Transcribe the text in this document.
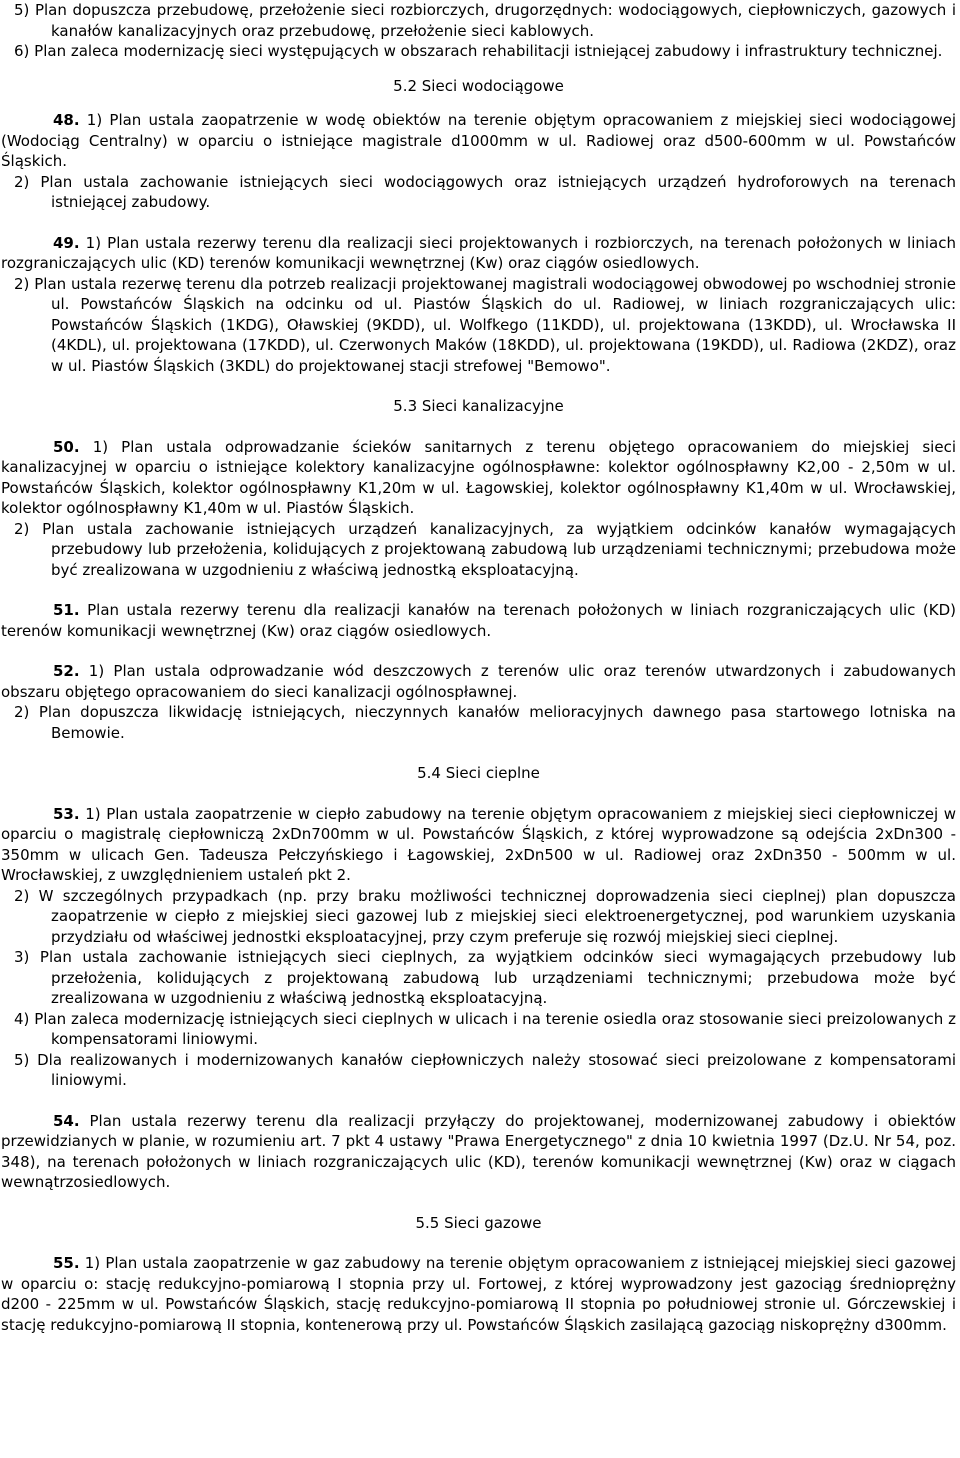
5) Plan dopuszcza przebudowę, przełożenie sieci rozbiorczych, drugorzędnych: wodociągowych, ciepłowniczych, gazowych i kanałów kanalizacyjnych oraz przebudowę, przełożenie sieci kablowych.

6) Plan zaleca modernizację sieci występujących w obszarach rehabilitacji istniejącej zabudowy i infrastruktury technicznej.

5.2 Sieci wodociągowe

48. 1) Plan ustala zaopatrzenie w wodę obiektów na terenie objętym opracowaniem z miejskiej sieci wodociągowej (Wodociąg Centralny) w oparciu o istniejące magistrale d1000mm w ul. Radiowej oraz d500-600mm w ul. Powstańców Śląskich.

2) Plan ustala zachowanie istniejących sieci wodociągowych oraz istniejących urządzeń hydroforowych na terenach istniejącej zabudowy.

49. 1) Plan ustala rezerwy terenu dla realizacji sieci projektowanych i rozbiorczych, na terenach położonych w liniach rozgraniczających ulic (KD) terenów komunikacji wewnętrznej (Kw) oraz ciągów osiedlowych.

2) Plan ustala rezerwę terenu dla potrzeb realizacji projektowanej magistrali wodociągowej obwodowej po wschodniej stronie ul. Powstańców Śląskich na odcinku od ul. Piastów Śląskich do ul. Radiowej, w liniach rozgraniczających ulic: Powstańców Śląskich (1KDG), Oławskiej (9KDD), ul. Wolfkego (11KDD), ul. projektowana (13KDD), ul. Wrocławska II (4KDL), ul. projektowana (17KDD), ul. Czerwonych Maków (18KDD), ul. projektowana (19KDD), ul. Radiowa (2KDZ), oraz w ul. Piastów Śląskich (3KDL) do projektowanej stacji strefowej "Bemowo".

5.3 Sieci kanalizacyjne

50. 1) Plan ustala odprowadzanie ścieków sanitarnych z terenu objętego opracowaniem do miejskiej sieci kanalizacyjnej w oparciu o istniejące kolektory kanalizacyjne ogólnospławne: kolektor ogólnospławny K2,00 - 2,50m w ul. Powstańców Śląskich, kolektor ogólnospławny K1,20m w ul. Łagowskiej, kolektor ogólnospławny K1,40m w ul. Wrocławskiej, kolektor ogólnospławny K1,40m w ul. Piastów Śląskich.

2) Plan ustala zachowanie istniejących urządzeń kanalizacyjnych, za wyjątkiem odcinków kanałów wymagających przebudowy lub przełożenia, kolidujących z projektowaną zabudową lub urządzeniami technicznymi; przebudowa może być zrealizowana w uzgodnieniu z właściwą jednostką eksploatacyjną.

51. Plan ustala rezerwy terenu dla realizacji kanałów na terenach położonych w liniach rozgraniczających ulic (KD) terenów komunikacji wewnętrznej (Kw) oraz ciągów osiedlowych.

52. 1) Plan ustala odprowadzanie wód deszczowych z terenów ulic oraz terenów utwardzonych i zabudowanych obszaru objętego opracowaniem do sieci kanalizacji ogólnospławnej.

2) Plan dopuszcza likwidację istniejących, nieczynnych kanałów melioracyjnych dawnego pasa startowego lotniska na Bemowie.

5.4 Sieci cieplne

53. 1) Plan ustala zaopatrzenie w ciepło zabudowy na terenie objętym opracowaniem z miejskiej sieci ciepłowniczej w oparciu o magistralę ciepłowniczą 2xDn700mm w ul. Powstańców Śląskich, z której wyprowadzone są odejścia 2xDn300 - 350mm w ulicach Gen. Tadeusza Pełczyńskiego i Łagowskiej, 2xDn500 w ul. Radiowej oraz 2xDn350 - 500mm w ul. Wrocławskiej, z uwzględnieniem ustaleń pkt 2.

2) W szczególnych przypadkach (np. przy braku możliwości technicznej doprowadzenia sieci cieplnej) plan dopuszcza zaopatrzenie w ciepło z miejskiej sieci gazowej lub z miejskiej sieci elektroenergetycznej, pod warunkiem uzyskania przydziału od właściwej jednostki eksploatacyjnej, przy czym preferuje się rozwój miejskiej sieci cieplnej.

3) Plan ustala zachowanie istniejących sieci cieplnych, za wyjątkiem odcinków sieci wymagających przebudowy lub przełożenia, kolidujących z projektowaną zabudową lub urządzeniami technicznymi; przebudowa może być zrealizowana w uzgodnieniu z właściwą jednostką eksploatacyjną.

4) Plan zaleca modernizację istniejących sieci cieplnych w ulicach i na terenie osiedla oraz stosowanie sieci preizolowanych z kompensatorami liniowymi.

5) Dla realizowanych i modernizowanych kanałów ciepłowniczych należy stosować sieci preizolowane z kompensatorami liniowymi.

54. Plan ustala rezerwy terenu dla realizacji przyłączy do projektowanej, modernizowanej zabudowy i obiektów przewidzianych w planie, w rozumieniu art. 7 pkt 4 ustawy "Prawa Energetycznego" z dnia 10 kwietnia 1997 (Dz.U. Nr 54, poz. 348), na terenach położonych w liniach rozgraniczających ulic (KD), terenów komunikacji wewnętrznej (Kw) oraz w ciągach wewnątrzosiedlowych.

5.5 Sieci gazowe

55. 1) Plan ustala zaopatrzenie w gaz zabudowy na terenie objętym opracowaniem z istniejącej miejskiej sieci gazowej w oparciu o: stację redukcyjno-pomiarową I stopnia przy ul. Fortowej, z której wyprowadzony jest gazociąg średnioprężny d200 - 225mm w ul. Powstańców Śląskich, stację redukcyjno-pomiarową II stopnia po południowej stronie ul. Górczewskiej i stację redukcyjno-pomiarową II stopnia, kontenerową przy ul. Powstańców Śląskich zasilającą gazociąg niskoprężny d300mm.
